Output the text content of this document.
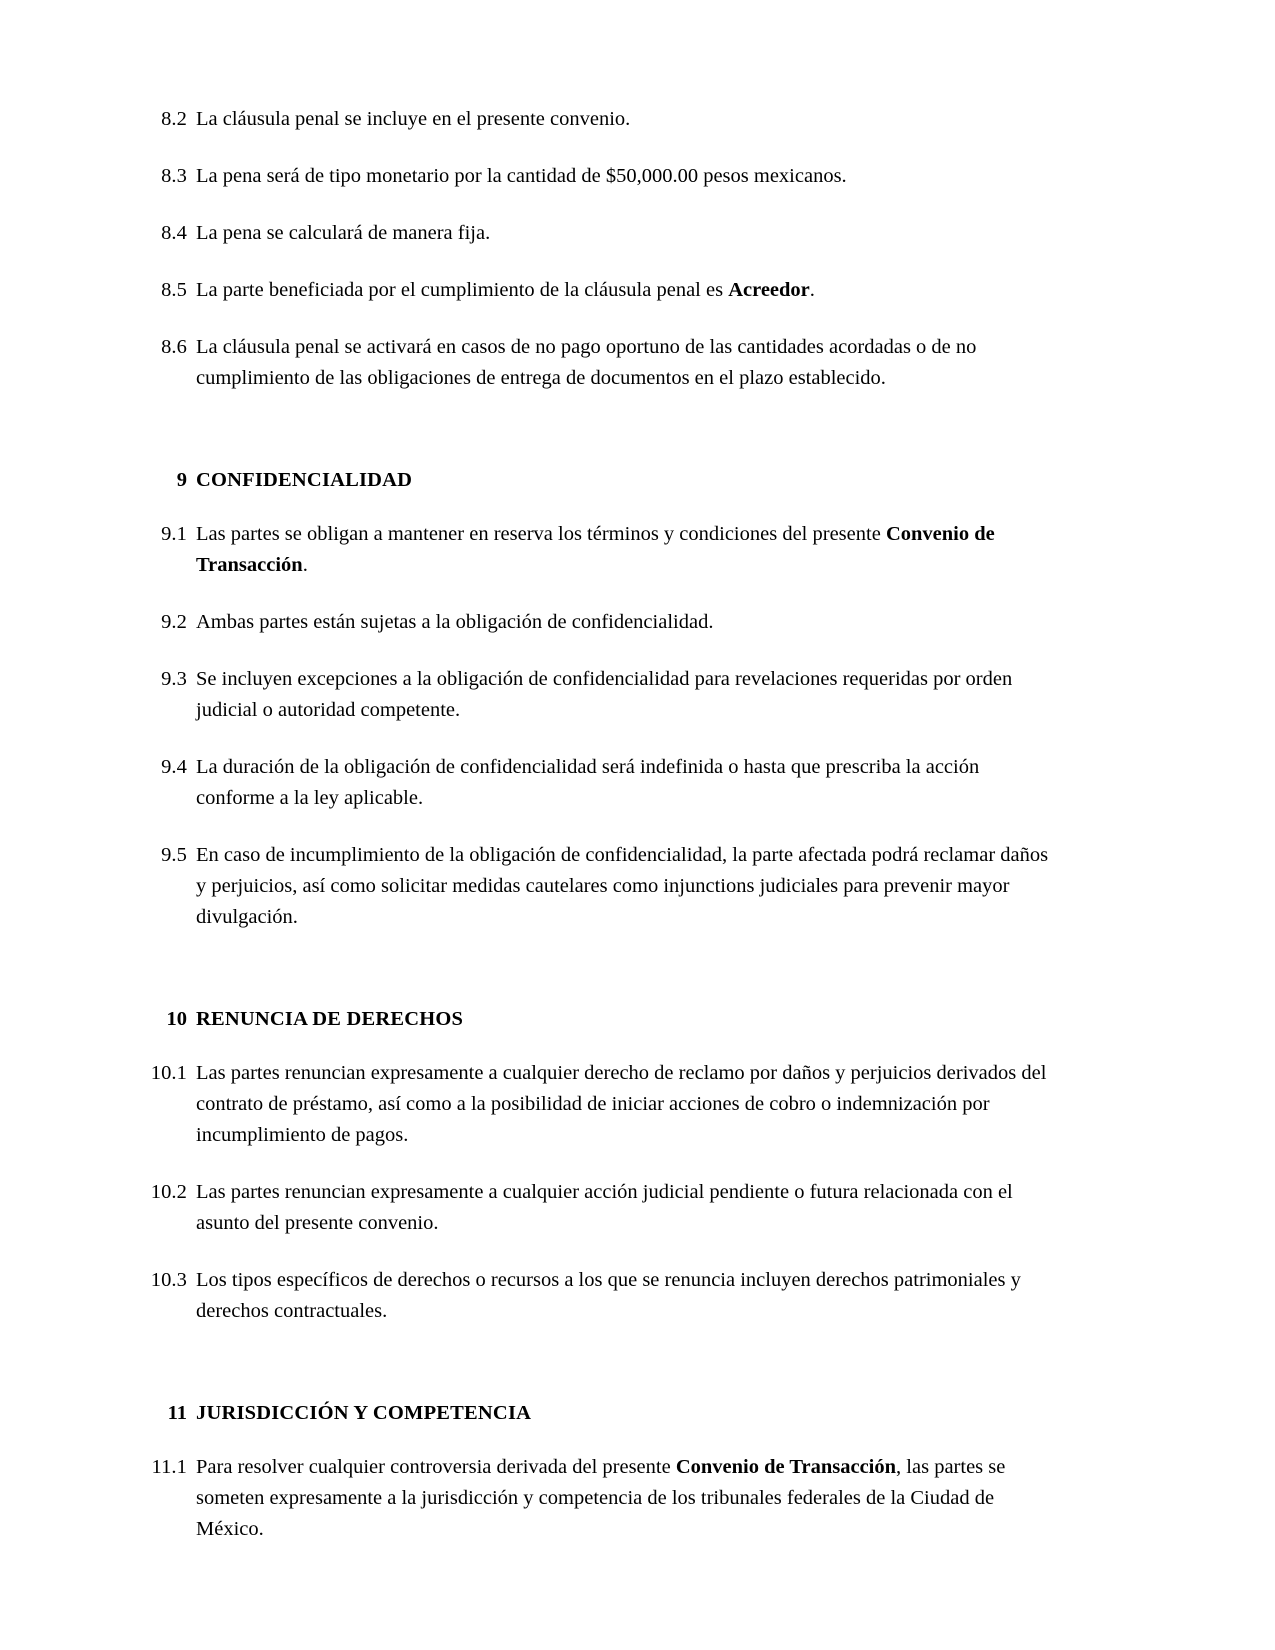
8.2 La cláusula penal se incluye en el presente convenio.
8.3 La pena será de tipo monetario por la cantidad de $50,000.00 pesos mexicanos.
8.4 La pena se calculará de manera fija.
8.5 La parte beneficiada por el cumplimiento de la cláusula penal es Acreedor.
8.6 La cláusula penal se activará en casos de no pago oportuno de las cantidades acordadas o de no cumplimiento de las obligaciones de entrega de documentos en el plazo establecido.
9 CONFIDENCIALIDAD
9.1 Las partes se obligan a mantener en reserva los términos y condiciones del presente Convenio de Transacción.
9.2 Ambas partes están sujetas a la obligación de confidencialidad.
9.3 Se incluyen excepciones a la obligación de confidencialidad para revelaciones requeridas por orden judicial o autoridad competente.
9.4 La duración de la obligación de confidencialidad será indefinida o hasta que prescriba la acción conforme a la ley aplicable.
9.5 En caso de incumplimiento de la obligación de confidencialidad, la parte afectada podrá reclamar daños y perjuicios, así como solicitar medidas cautelares como injunctions judiciales para prevenir mayor divulgación.
10 RENUNCIA DE DERECHOS
10.1 Las partes renuncian expresamente a cualquier derecho de reclamo por daños y perjuicios derivados del contrato de préstamo, así como a la posibilidad de iniciar acciones de cobro o indemnización por incumplimiento de pagos.
10.2 Las partes renuncian expresamente a cualquier acción judicial pendiente o futura relacionada con el asunto del presente convenio.
10.3 Los tipos específicos de derechos o recursos a los que se renuncia incluyen derechos patrimoniales y derechos contractuales.
11 JURISDICCIÓN Y COMPETENCIA
11.1 Para resolver cualquier controversia derivada del presente Convenio de Transacción, las partes se someten expresamente a la jurisdicción y competencia de los tribunales federales de la Ciudad de México.
